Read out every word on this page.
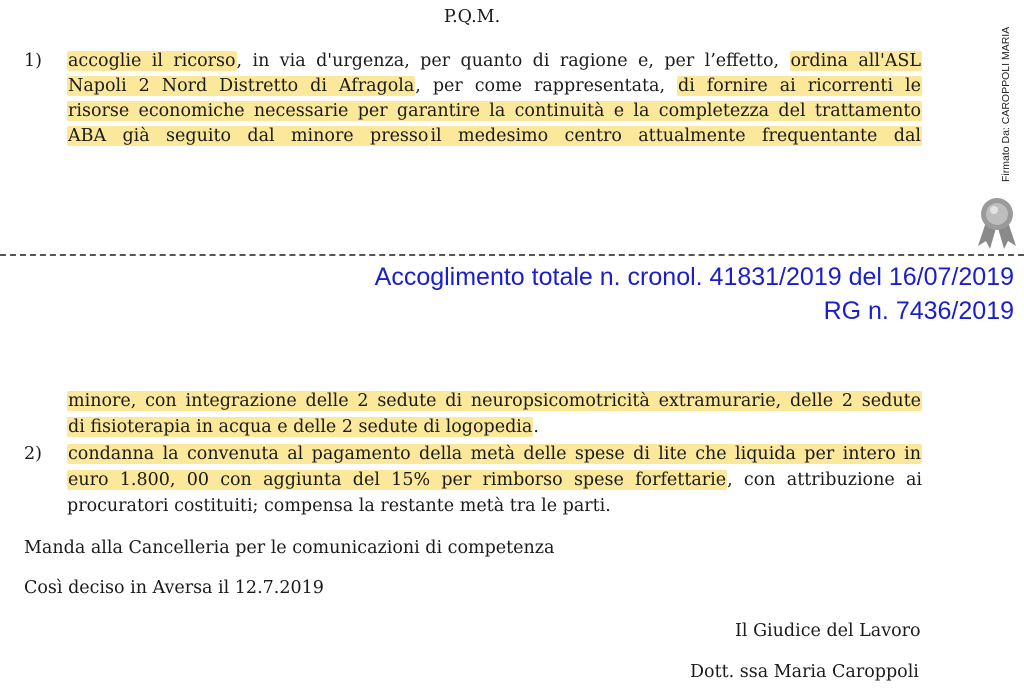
P.Q.M.
1) accoglie il ricorso, in via d'urgenza, per quanto di ragione e, per l’effetto, ordina all'ASL
Napoli 2 Nord Distretto di Afragola, per come rappresentata, di fornire ai ricorrenti le
risorse economiche necessarie per garantire la continuità e la completezza del trattamento
ABA già seguito dal minore presso il medesimo centro attualmente frequentante dal	Firmato Da: CAROPPOLI MARIA
Accoglimento totale n. cronol. 41831/2019 del 16/07/2019
RG n. 7436/2019
minore, con integrazione delle 2 sedute di neuropsicomotricità extramurarie, delle 2 sedute
di fisioterapia in acqua e delle 2 sedute di logopedia.
2) condanna la convenuta al pagamento della metà delle spese di lite che liquida per intero in
euro 1.800, 00 con aggiunta del 15% per rimborso spese forfettarie, con attribuzione ai
procuratori costituiti; compensa la restante metà tra le parti.
Manda alla Cancelleria per le comunicazioni di competenza
Così deciso in Aversa il 12.7.2019
Il Giudice del Lavoro
Dott. ssa Maria Caroppoli
